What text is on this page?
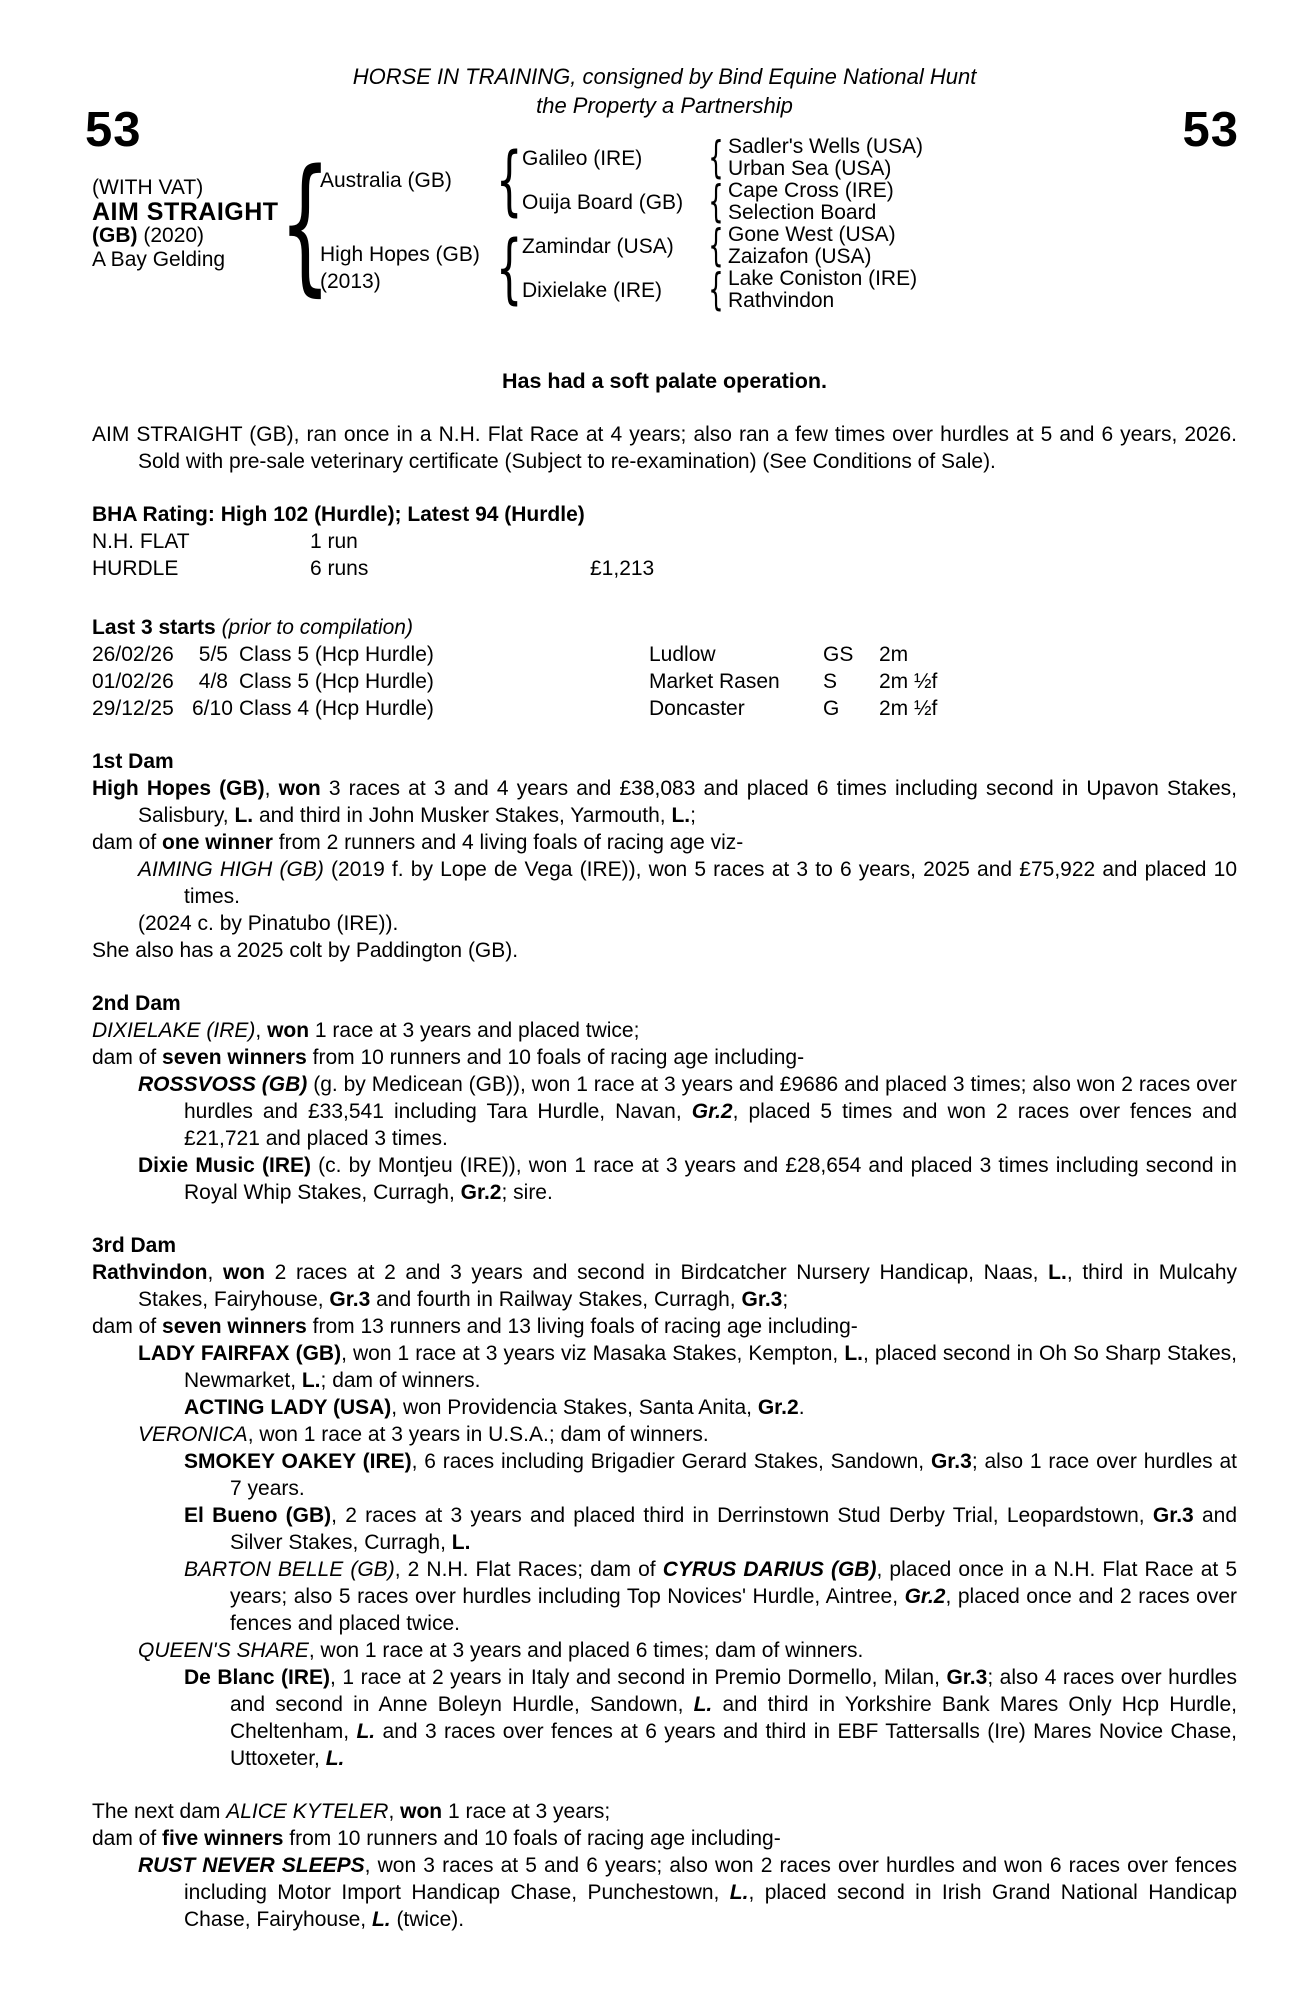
53
HORSE IN TRAINING, consigned by Bind Equine National Hunt
the Property a Partnership	53
(WITH VAT)
AIM STRAIGHT
(GB) (2020)
A Bay Gelding {
Australia (GB) { Galileo (IRE)	{ Sadler's Wells (USA)
Urban Sea (USA)
Ouija Board (GB) { Cape Cross (IRE)
Selection Board
High Hopes (GB)
(2013)	{ Zamindar (USA) { Gone West (USA)
Zaizafon (USA)
Dixielake (IRE)	{ Lake Coniston (IRE)
Rathvindon
Has had a soft palate operation.
AIM STRAIGHT (GB), ran once in a N.H. Flat Race at 4 years; also ran a few times over hurdles at 5 and 6 years, 2026. Sold with pre-sale veterinary certificate (Subject to re-examination) (See Conditions of Sale).
BHA Rating: High 102 (Hurdle); Latest 94 (Hurdle)
N.H. FLAT	1 run
HURDLE	6 runs	£1,213
Last 3 starts (prior to compilation)
26/02/26	5/5 Class 5 (Hcp Hurdle)	Ludlow	GS	2m
01/02/26	4/8 Class 5 (Hcp Hurdle)	Market Rasen	S	2m ½f
29/12/25 6/10 Class 4 (Hcp Hurdle)	Doncaster	G	2m ½f
1st Dam
High Hopes (GB), won 3 races at 3 and 4 years and £38,083 and placed 6 times including second in Upavon Stakes, Salisbury, L. and third in John Musker Stakes, Yarmouth, L.;
dam of one winner from 2 runners and 4 living foals of racing age viz-
AIMING HIGH (GB) (2019 f. by Lope de Vega (IRE)), won 5 races at 3 to 6 years, 2025 and £75,922 and placed 10 times.
(2024 c. by Pinatubo (IRE)).
She also has a 2025 colt by Paddington (GB).
2nd Dam
DIXIELAKE (IRE), won 1 race at 3 years and placed twice;
dam of seven winners from 10 runners and 10 foals of racing age including-
ROSSVOSS (GB) (g. by Medicean (GB)), won 1 race at 3 years and £9686 and placed 3 times; also won 2 races over hurdles and £33,541 including Tara Hurdle, Navan, Gr.2, placed 5 times and won 2 races over fences and £21,721 and placed 3 times.
Dixie Music (IRE) (c. by Montjeu (IRE)), won 1 race at 3 years and £28,654 and placed 3 times including second in Royal Whip Stakes, Curragh, Gr.2; sire.
3rd Dam
Rathvindon, won 2 races at 2 and 3 years and second in Birdcatcher Nursery Handicap, Naas, L., third in Mulcahy Stakes, Fairyhouse, Gr.3 and fourth in Railway Stakes, Curragh, Gr.3;
dam of seven winners from 13 runners and 13 living foals of racing age including-
LADY FAIRFAX (GB), won 1 race at 3 years viz Masaka Stakes, Kempton, L., placed second in Oh So Sharp Stakes, Newmarket, L.; dam of winners.
ACTING LADY (USA), won Providencia Stakes, Santa Anita, Gr.2.
VERONICA, won 1 race at 3 years in U.S.A.; dam of winners.
SMOKEY OAKEY (IRE), 6 races including Brigadier Gerard Stakes, Sandown, Gr.3; also 1 race over hurdles at 7 years.
El Bueno (GB), 2 races at 3 years and placed third in Derrinstown Stud Derby Trial, Leopardstown, Gr.3 and Silver Stakes, Curragh, L.
BARTON BELLE (GB), 2 N.H. Flat Races; dam of CYRUS DARIUS (GB), placed once in a N.H. Flat Race at 5 years; also 5 races over hurdles including Top Novices' Hurdle, Aintree, Gr.2, placed once and 2 races over fences and placed twice.
QUEEN'S SHARE, won 1 race at 3 years and placed 6 times; dam of winners.
De Blanc (IRE), 1 race at 2 years in Italy and second in Premio Dormello, Milan, Gr.3; also 4 races over hurdles and second in Anne Boleyn Hurdle, Sandown, L. and third in Yorkshire Bank Mares Only Hcp Hurdle, Cheltenham, L. and 3 races over fences at 6 years and third in EBF Tattersalls (Ire) Mares Novice Chase, Uttoxeter, L.
The next dam ALICE KYTELER, won 1 race at 3 years;
dam of five winners from 10 runners and 10 foals of racing age including-
RUST NEVER SLEEPS, won 3 races at 5 and 6 years; also won 2 races over hurdles and won 6 races over fences including Motor Import Handicap Chase, Punchestown, L., placed second in Irish Grand National Handicap Chase, Fairyhouse, L. (twice).
